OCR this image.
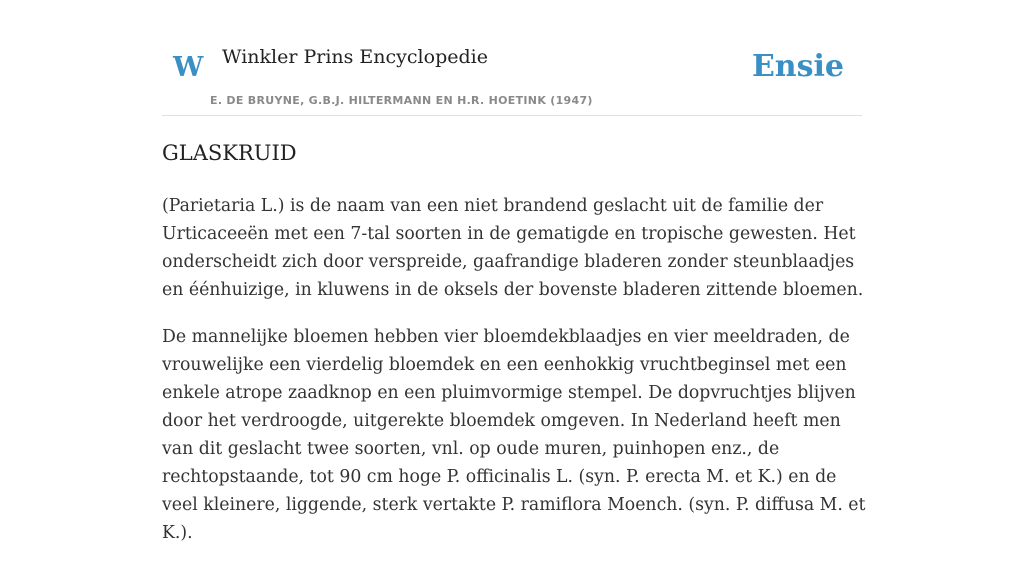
W Winkler Prins Encyclopedie
E. DE BRUYNE, G.B.J. HILTERMANN EN H.R. HOETINK (1947)
Ensie
GLASKRUID

(Parietaria L.) is de naam van een niet brandend geslacht uit de familie der Urticaceeën met een 7-tal soorten in de gematigde en tropische gewesten. Het onderscheidt zich door verspreide, gaafrandige bladeren zonder steunblaadjes en éénhuizige, in kluwens in de oksels der bovenste bladeren zittende bloemen.

De mannelijke bloemen hebben vier bloemdekblaadjes en vier meeldraden, de vrouwelijke een vierdelig bloemdek en een eenhokkig vruchtbeginsel met een enkele atrope zaadknop en een pluimvormige stempel. De dopvruchtjes blijven door het verdroogde, uitgerekte bloemdek omgeven. In Nederland heeft men van dit geslacht twee soorten, vnl. op oude muren, puinhopen enz., de rechtopstaande, tot 90 cm hoge P. officinalis L. (syn. P. erecta M. et K.) en de veel kleinere, liggende, sterk vertakte P. ramiflora Moench. (syn. P. diffusa M. et K.).
